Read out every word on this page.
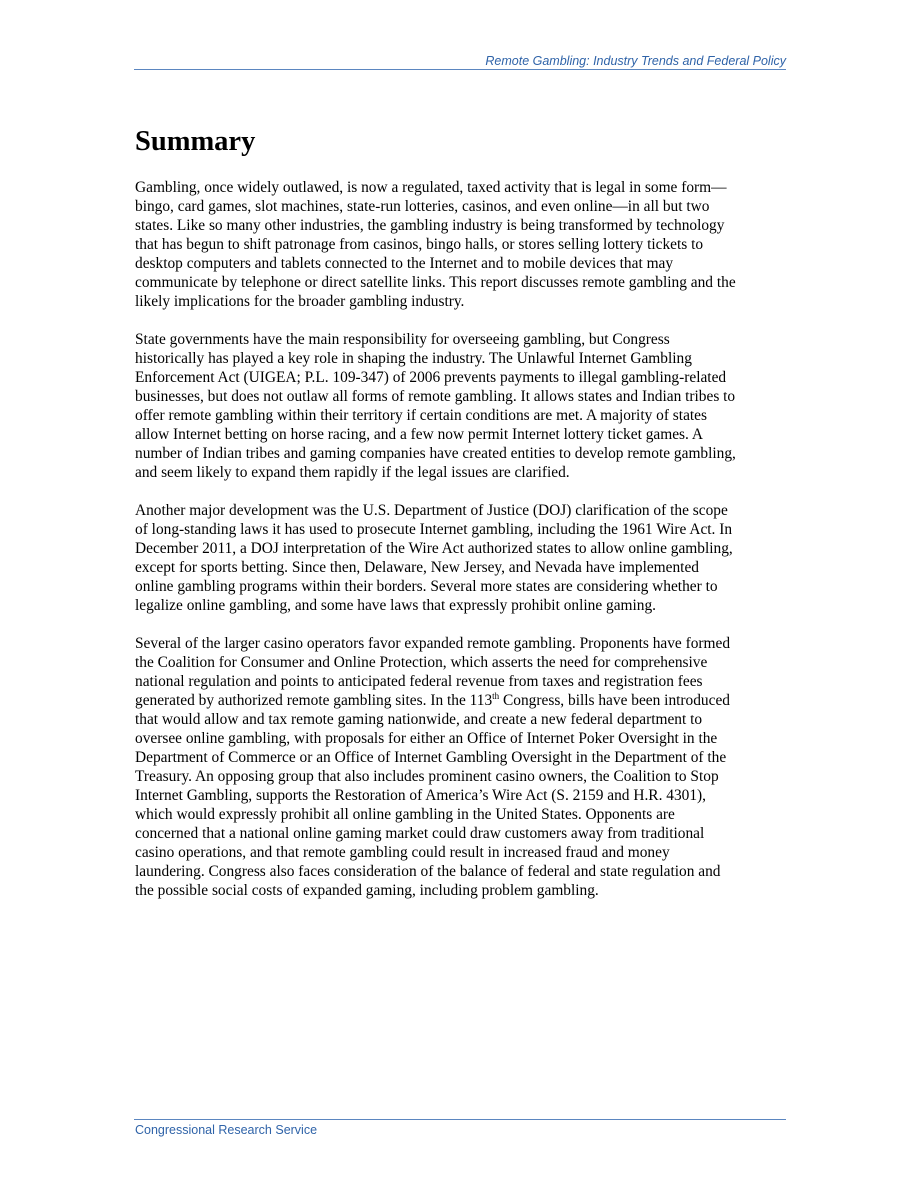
Remote Gambling: Industry Trends and Federal Policy
Summary

Gambling, once widely outlawed, is now a regulated, taxed activity that is legal in some form—
bingo, card games, slot machines, state-run lotteries, casinos, and even online—in all but two
states. Like so many other industries, the gambling industry is being transformed by technology
that has begun to shift patronage from casinos, bingo halls, or stores selling lottery tickets to
desktop computers and tablets connected to the Internet and to mobile devices that may
communicate by telephone or direct satellite links. This report discusses remote gambling and the
likely implications for the broader gambling industry.

State governments have the main responsibility for overseeing gambling, but Congress
historically has played a key role in shaping the industry. The Unlawful Internet Gambling
Enforcement Act (UIGEA; P.L. 109-347) of 2006 prevents payments to illegal gambling-related
businesses, but does not outlaw all forms of remote gambling. It allows states and Indian tribes to
offer remote gambling within their territory if certain conditions are met. A majority of states
allow Internet betting on horse racing, and a few now permit Internet lottery ticket games. A
number of Indian tribes and gaming companies have created entities to develop remote gambling,
and seem likely to expand them rapidly if the legal issues are clarified.

Another major development was the U.S. Department of Justice (DOJ) clarification of the scope
of long-standing laws it has used to prosecute Internet gambling, including the 1961 Wire Act. In
December 2011, a DOJ interpretation of the Wire Act authorized states to allow online gambling,
except for sports betting. Since then, Delaware, New Jersey, and Nevada have implemented
online gambling programs within their borders. Several more states are considering whether to
legalize online gambling, and some have laws that expressly prohibit online gaming.

Several of the larger casino operators favor expanded remote gambling. Proponents have formed
the Coalition for Consumer and Online Protection, which asserts the need for comprehensive
national regulation and points to anticipated federal revenue from taxes and registration fees
generated by authorized remote gambling sites. In the 113th Congress, bills have been introduced
that would allow and tax remote gaming nationwide, and create a new federal department to
oversee online gambling, with proposals for either an Office of Internet Poker Oversight in the
Department of Commerce or an Office of Internet Gambling Oversight in the Department of the
Treasury. An opposing group that also includes prominent casino owners, the Coalition to Stop
Internet Gambling, supports the Restoration of America’s Wire Act (S. 2159 and H.R. 4301),
which would expressly prohibit all online gambling in the United States. Opponents are
concerned that a national online gaming market could draw customers away from traditional
casino operations, and that remote gambling could result in increased fraud and money
laundering. Congress also faces consideration of the balance of federal and state regulation and
the possible social costs of expanded gaming, including problem gambling.

Congressional Research Service
